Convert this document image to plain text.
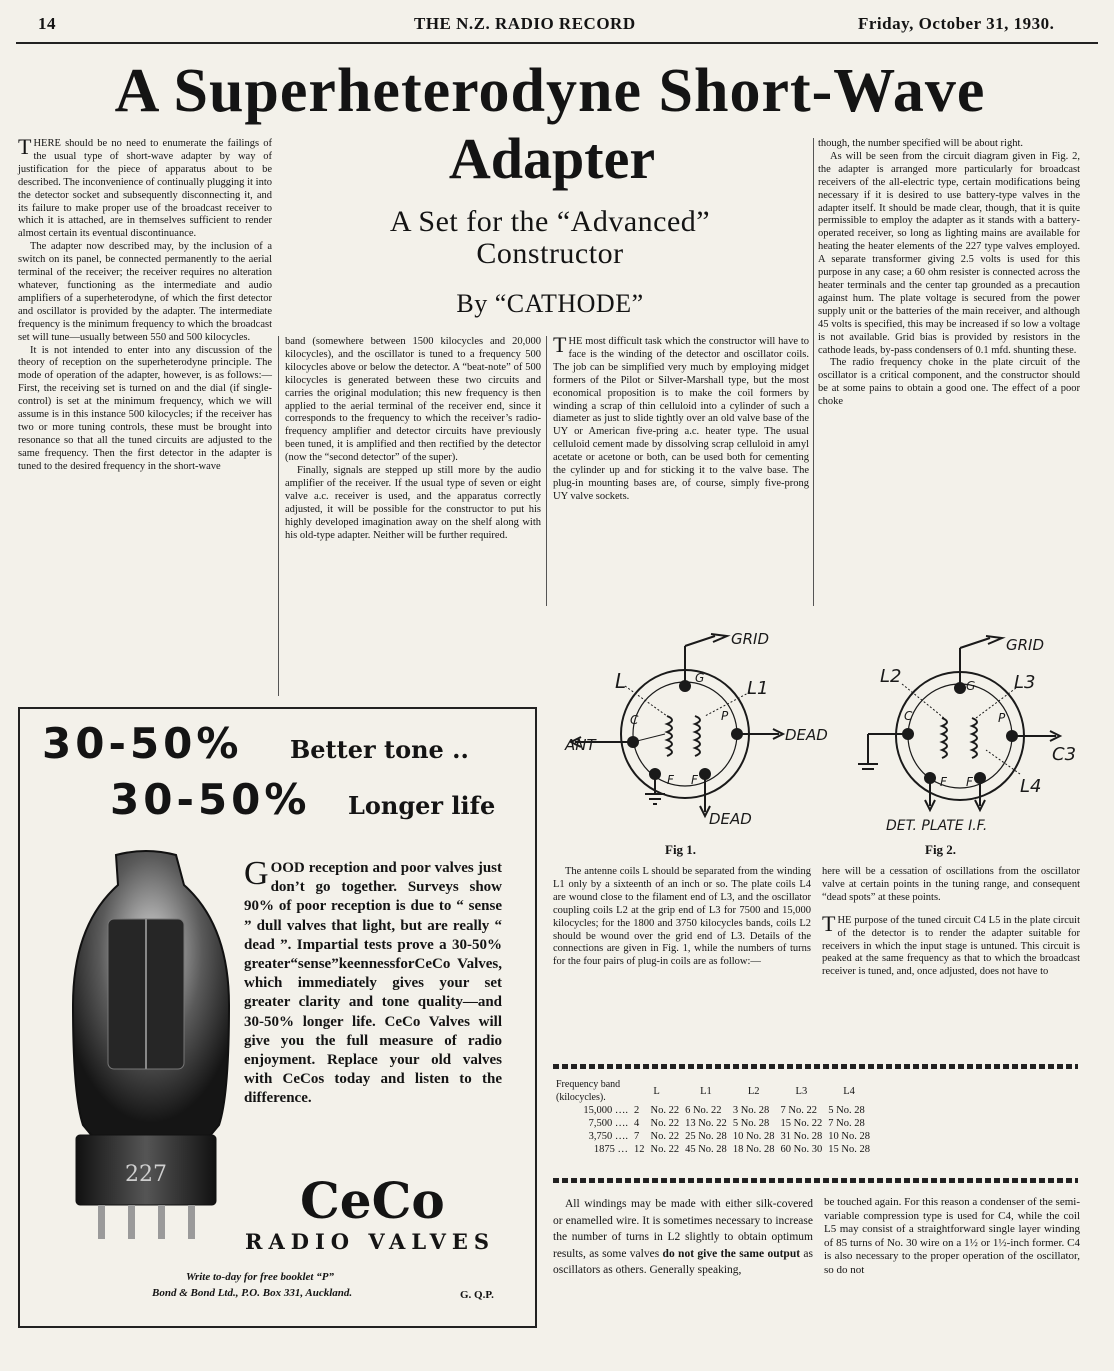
14	THE N.Z. RADIO RECORD	Friday, October 31, 1930.
A Superheterodyne Short-Wave
Adapter
A Set for the “Advanced”
Constructor
By “CATHODE”

THERE should be no need to enumerate the failings of the usual type of short-wave adapter by way of justification for the piece of apparatus about to be described. The inconvenience of continually plugging it into the detector socket and subsequently disconnecting it, and its failure to make proper use of the broadcast receiver to which it is attached, are in themselves sufficient to render almost certain its eventual discontinuance.

The adapter now described may, by the inclusion of a switch on its panel, be connected permanently to the aerial terminal of the receiver; the receiver requires no alteration whatever, functioning as the intermediate and audio amplifiers of a superheterodyne, of which the first detector and oscillator is provided by the adapter. The intermediate frequency is the minimum frequency to which the broadcast set will tune—usually between 550 and 500 kilocycles.

It is not intended to enter into any discussion of the theory of reception on the superheterodyne principle. The mode of operation of the adapter, however, is as follows:—First, the receiving set is turned on and the dial (if single-control) is set at the minimum frequency, which we will assume is in this instance 500 kilocycles; if the receiver has two or more tuning controls, these must be brought into resonance so that all the tuned circuits are adjusted to the same frequency. Then the first detector in the adapter is tuned to the desired frequency in the short-wave

band (somewhere between 1500 kilocycles and 20,000 kilocycles), and the oscillator is tuned to a frequency 500 kilocycles above or below the detector. A “beat-note” of 500 kilocycles is generated between these two circuits and carries the original modulation; this new frequency is then applied to the aerial terminal of the receiver end, since it corresponds to the frequency to which the receiver’s radio-frequency amplifier and detector circuits have previously been tuned, it is amplified and then rectified by the detector (now the “second detector” of the super).

Finally, signals are stepped up still more by the audio amplifier of the receiver. If the usual type of seven or eight valve a.c. receiver is used, and the apparatus correctly adjusted, it will be possible for the constructor to put his highly developed imagination away on the shelf along with his old-type adapter. Neither will be further required.

THE most difficult task which the constructor will have to face is the winding of the detector and oscillator coils. The job can be simplified very much by employing midget formers of the Pilot or Silver-Marshall type, but the most economical proposition is to make the coil formers by winding a scrap of thin celluloid into a cylinder of such a diameter as just to slide tightly over an old valve base of the UY or American five-pring a.c. heater type. The usual celluloid cement made by dissolving scrap celluloid in amyl acetate or acetone or both, can be used both for cementing the cylinder up and for sticking it to the valve base. The plug-in mounting bases are, of course, simply five-prong UY valve sockets.

though, the number specified will be about right.

As will be seen from the circuit diagram given in Fig. 2, the adapter is arranged more particularly for broadcast receivers of the all-electric type, certain modifications being necessary if it is desired to use battery-type valves in the adapter itself. It should be made clear, though, that it is quite permissible to employ the adapter as it stands with a battery-operated receiver, so long as lighting mains are available for heating the heater elements of the 227 type valves employed. A separate transformer giving 2.5 volts is used for this purpose in any case; a 60 ohm resister is connected across the heater terminals and the center tap grounded as a precaution against hum. The plate voltage is secured from the power supply unit or the batteries of the main receiver, and although 45 volts is specified, this may be increased if so low a voltage is not available. Grid bias is provided by resistors in the cathode leads, by-pass condensers of 0.1 mfd. shunting these.

The radio frequency choke in the plate circuit of the oscillator is a critical component, and the constructor should be at some pains to obtain a good one. The effect of a poor choke

GRID
ANT
DEAD
DEAD
L	L1
G
C	P
F F
Fig 1.
GRID
L2	L3
L4
C3
G
C	P
F F
DET. PLATE I.F.
Fig 2.

The antenne coils L should be separated from the winding L1 only by a sixteenth of an inch or so. The plate coils L4 are wound close to the filament end of L3, and the oscillator coupling coils L2 at the grip end of L3 for 7500 and 15,000 kilocycles; for the 1800 and 3750 kilocycles bands, coils L2 should be wound over the grid end of L3. Details of the connections are given in Fig. 1, while the numbers of turns for the four pairs of plug-in coils are as follow:—

here will be a cessation of oscillations from the oscillator valve at certain points in the tuning range, and consequent “dead spots” at these points.

THE purpose of the tuned circuit C4 L5 in the plate circuit of the detector is to render the adapter suitable for receivers in which the input stage is untuned. This circuit is peaked at the same frequency as that to which the broadcast receiver is tuned, and, once adjusted, does not have to

Frequency band (kilocycles).	L		L1	L2	L3	L4
15,000 ….	2	No. 22	6 No. 22	3 No. 28	7 No. 22	5 No. 28
7,500 ….	4	No. 22	13 No. 22	5 No. 28	15 No. 22	7 No. 28
3,750 ….	7	No. 22	25 No. 28	10 No. 28	31 No. 28	10 No. 28
1875 …	12	No. 22	45 No. 28	18 No. 28	60 No. 30	15 No. 28

All windings may be made with either silk-covered or enamelled wire. It is sometimes necessary to increase the number of turns in L2 slightly to obtain optimum results, as some valves do not give the same output as oscillators as others. Generally speaking,

be touched again. For this reason a condenser of the semi-variable compression type is used for C4, while the coil L5 may consist of a straightforward single layer winding of 85 turns of No. 30 wire on a 1½ or 1½-inch former. C4 is also necessary to the proper operation of the oscillator, so do not

30-50% Better tone ..
30-50% Longer life
227
GOOD reception and poor valves just don’t go together. Surveys show 90% of poor reception is due to “ sense ” dull valves that light, but are really “ dead ”. Impartial tests prove a 30-50% greater“sense”keennessforCeCo Valves, which immediately gives your set greater clarity and tone quality—and 30-50% longer life. CeCo Valves will give you the full measure of radio enjoyment. Replace your old valves with CeCos today and listen to the difference.
CeCo
RADIO VALVES
Write to-day for free booklet “P”
Bond & Bond Ltd., P.O. Box 331, Auckland.	G. Q.P.
